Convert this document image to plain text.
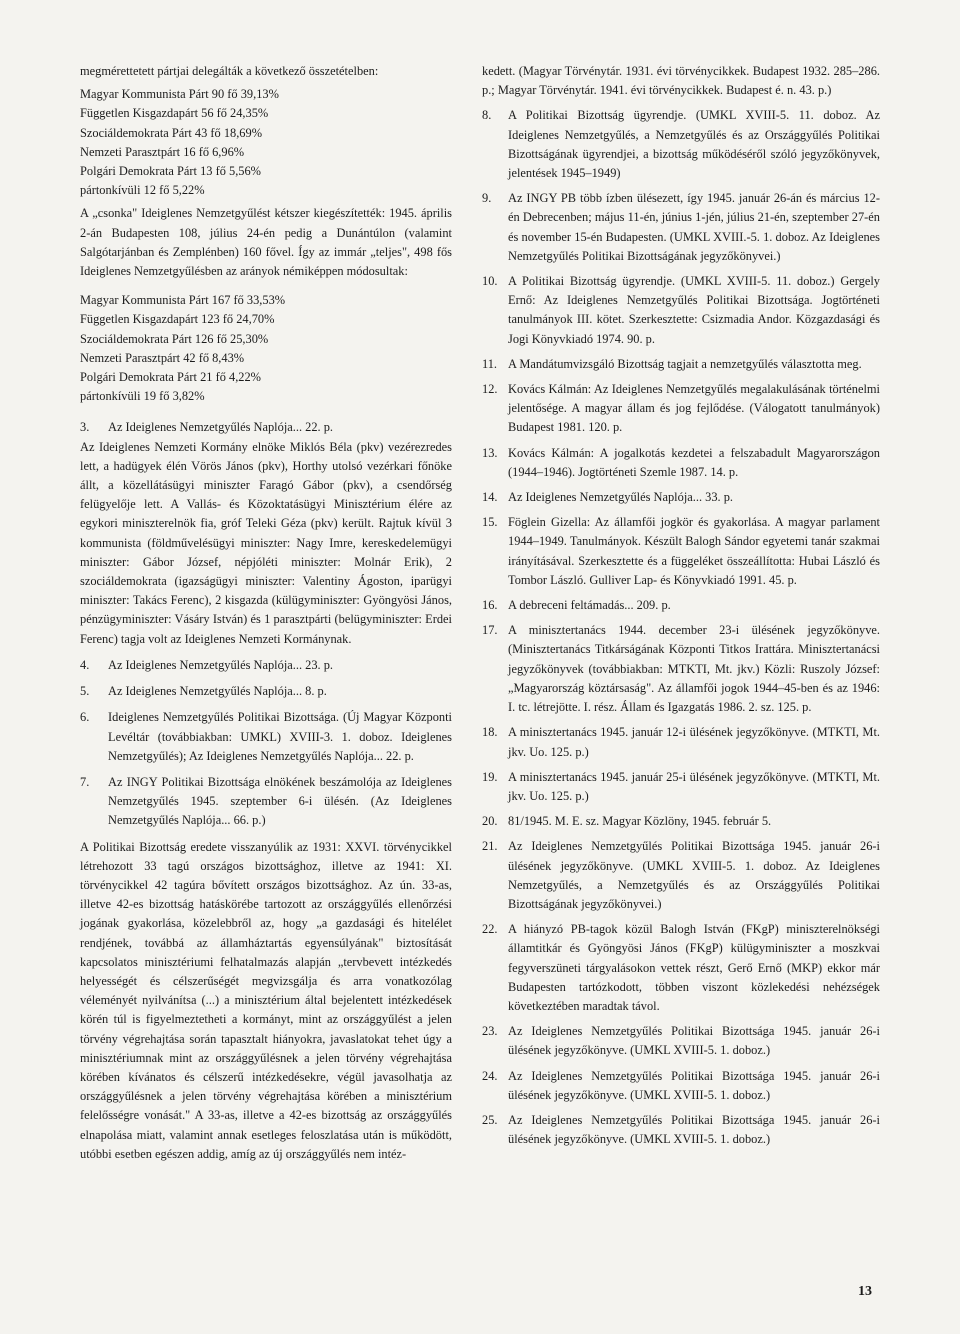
megmérettetett pártjai delegálták a következő összetételben:

Magyar Kommunista Párt 90 fő 39,13%
Független Kisgazdapárt 56 fő 24,35%
Szociáldemokrata Párt 43 fő 18,69%
Nemzeti Parasztpárt 16 fő 6,96%
Polgári Demokrata Párt 13 fő 5,56%
pártonkívüli 12 fő 5,22%

A „csonka" Ideiglenes Nemzetgyűlést kétszer kiegészítették: 1945. április 2-án Budapesten 108, július 24-én pedig a Dunántúlon (valamint Salgótarjánban és Zemplénben) 160 fővel. Így az immár „teljes", 498 fős Ideiglenes Nemzetgyűlésben az arányok némiképpen módosultak:

Magyar Kommunista Párt 167 fő 33,53%
Független Kisgazdapárt 123 fő 24,70%
Szociáldemokrata Párt 126 fő 25,30%
Nemzeti Parasztpárt 42 fő 8,43%
Polgári Demokrata Párt 21 fő 4,22%
pártonkívüli 19 fő 3,82%
3.	Az Ideiglenes Nemzetgyűlés Naplója... 22. p.

Az Ideiglenes Nemzeti Kormány elnöke Miklós Béla (pkv) vezérezredes lett, a hadügyek élén Vörös János (pkv), Horthy utolsó vezérkari főnöke állt, a közellátásügyi miniszter Faragó Gábor (pkv), a csendőrség felügyelője lett. A Vallás- és Közoktatásügyi Minisztérium élére az egykori miniszterelnök fia, gróf Teleki Géza (pkv) került. Rajtuk kívül 3 kommunista (földművelésügyi miniszter: Nagy Imre, kereskedelemügyi miniszter: Gábor József, népjóléti miniszter: Molnár Erik), 2 szociáldemokrata (igazságügyi miniszter: Valentiny Ágoston, iparügyi miniszter: Takács Ferenc), 2 kisgazda (külügyminiszter: Gyöngyösi János, pénzügyminiszter: Vásáry István) és 1 parasztpárti (belügyminiszter: Erdei Ferenc) tagja volt az Ideiglenes Nemzeti Kormánynak.

4.	Az Ideiglenes Nemzetgyűlés Naplója... 23. p.
5.	Az Ideiglenes Nemzetgyűlés Naplója... 8. p.
6.	Ideiglenes Nemzetgyűlés Politikai Bizottsága. (Új Magyar Központi Levéltár (továbbiakban: UMKL) XVIII-3. 1. doboz. Ideiglenes Nemzetgyűlés); Az Ideiglenes Nemzetgyűlés Naplója... 22. p.
7.	Az INGY Politikai Bizottsága elnökének beszámolója az Ideiglenes Nemzetgyűlés 1945. szeptember 6-i ülésén. (Az Ideiglenes Nemzetgyűlés Naplója... 66. p.)

A Politikai Bizottság eredete visszanyúlik az 1931: XXVI. törvénycikkel létrehozott 33 tagú országos bizottsághoz, illetve az 1941: XI. törvénycikkel 42 tagúra bővített országos bizottsághoz. Az ún. 33-as, illetve 42-es bizottság hatáskörébe tartozott az országgyűlés ellenőrzési jogának gyakorlása, közelebbről az, hogy „a gazdasági és hitelélet rendjének, továbbá az államháztartás egyensúlyának" biztosítását kapcsolatos minisztériumi felhatalmazás alapján „tervbevett intézkedés helyességét és célszerűségét megvizsgálja és arra vonatkozólag véleményét nyilvánítsa (...) a minisztérium által bejelentett intézkedések körén túl is figyelmeztetheti a kormányt, mint az országgyűlést a jelen törvény végrehajtása során tapasztalt hiányokra, javaslatokat tehet úgy a minisztériumnak mint az országgyűlésnek a jelen törvény végrehajtása körében kívánatos és célszerű intézkedésekre, végül javasolhatja az országgyűlésnek a jelen törvény végrehajtása körében a minisztérium felelősségre vonását." A 33-as, illetve a 42-es bizottság az országgyűlés elnapolása miatt, valamint annak esetleges feloszlatása után is működött, utóbbi esetben egészen addig, amíg az új országgyűlés nem intéz-

kedett. (Magyar Törvénytár. 1931. évi törvénycikkek. Budapest 1932. 285–286. p.; Magyar Törvénytár. 1941. évi törvénycikkek. Budapest é. n. 43. p.)

8.	A Politikai Bizottság ügyrendje. (UMKL XVIII-5. 11. doboz. Az Ideiglenes Nemzetgyűlés, a Nemzetgyűlés és az Országgyűlés Politikai Bizottságának ügyrendjei, a bizottság működéséről szóló jegyzőkönyvek, jelentések 1945–1949)
9.	Az INGY PB több ízben ülésezett, így 1945. január 26-án és március 12-én Debrecenben; május 11-én, június 1-jén, július 21-én, szeptember 27-én és november 15-én Budapesten. (UMKL XVIII.-5. 1. doboz. Az Ideiglenes Nemzetgyűlés Politikai Bizottságának jegyzőkönyvei.)
10. A Politikai Bizottság ügyrendje. (UMKL XVIII-5. 11. doboz.) Gergely Ernő: Az Ideiglenes Nemzetgyűlés Politikai Bizottsága. Jogtörténeti tanulmányok III. kötet. Szerkesztette: Csizmadia Andor. Közgazdasági és Jogi Könyvkiadó 1974. 90. p.
11. A Mandátumvizsgáló Bizottság tagjait a nemzetgyűlés választotta meg.
12. Kovács Kálmán: Az Ideiglenes Nemzetgyűlés megalakulásának történelmi jelentősége. A magyar állam és jog fejlődése. (Válogatott tanulmányok) Budapest 1981. 120. p.
13. Kovács Kálmán: A jogalkotás kezdetei a felszabadult Magyarországon (1944–1946). Jogtörténeti Szemle 1987. 14. p.
14. Az Ideiglenes Nemzetgyűlés Naplója... 33. p.
15. Föglein Gizella: Az államfői jogkör és gyakorlása. A magyar parlament 1944–1949. Tanulmányok. Készült Balogh Sándor egyetemi tanár szakmai irányításával. Szerkesztette és a függeléket összeállította: Hubai László és Tombor László. Gulliver Lap- és Könyvkiadó 1991. 45. p.
16. A debreceni feltámadás... 209. p.
17. A minisztertanács 1944. december 23-i ülésének jegyzőkönyve. (Minisztertanács Titkárságának Központi Titkos Irattára. Minisztertanácsi jegyzőkönyvek (továbbiakban: MTKTI, Mt. jkv.) Közli: Ruszoly József: „Magyarország köztársaság". Az államfői jogok 1944–45-ben és az 1946: I. tc. létrejötte. I. rész. Állam és Igazgatás 1986. 2. sz. 125. p.
18. A minisztertanács 1945. január 12-i ülésének jegyzőkönyve. (MTKTI, Mt. jkv. Uo. 125. p.)
19. A minisztertanács 1945. január 25-i ülésének jegyzőkönyve. (MTKTI, Mt. jkv. Uo. 125. p.)
20. 81/1945. M. E. sz. Magyar Közlöny, 1945. február 5.
21. Az Ideiglenes Nemzetgyűlés Politikai Bizottsága 1945. január 26-i ülésének jegyzőkönyve. (UMKL XVIII-5. 1. doboz. Az Ideiglenes Nemzetgyűlés, a Nemzetgyűlés és az Országgyűlés Politikai Bizottságának jegyzőkönyvei.)
22. A hiányzó PB-tagok közül Balogh István (FKgP) miniszterelnökségi államtitkár és Gyöngyösi János (FKgP) külügyminiszter a moszkvai fegyverszüneti tárgyalásokon vettek részt, Gerő Ernő (MKP) ekkor már Budapesten tartózkodott, többen viszont közlekedési nehézségek következtében maradtak távol.
23. Az Ideiglenes Nemzetgyűlés Politikai Bizottsága 1945. január 26-i ülésének jegyzőkönyve. (UMKL XVIII-5. 1. doboz.)
24. Az Ideiglenes Nemzetgyűlés Politikai Bizottsága 1945. január 26-i ülésének jegyzőkönyve. (UMKL XVIII-5. 1. doboz.)
25. Az Ideiglenes Nemzetgyűlés Politikai Bizottsága 1945. január 26-i ülésének jegyzőkönyve. (UMKL XVIII-5. 1. doboz.)
13
